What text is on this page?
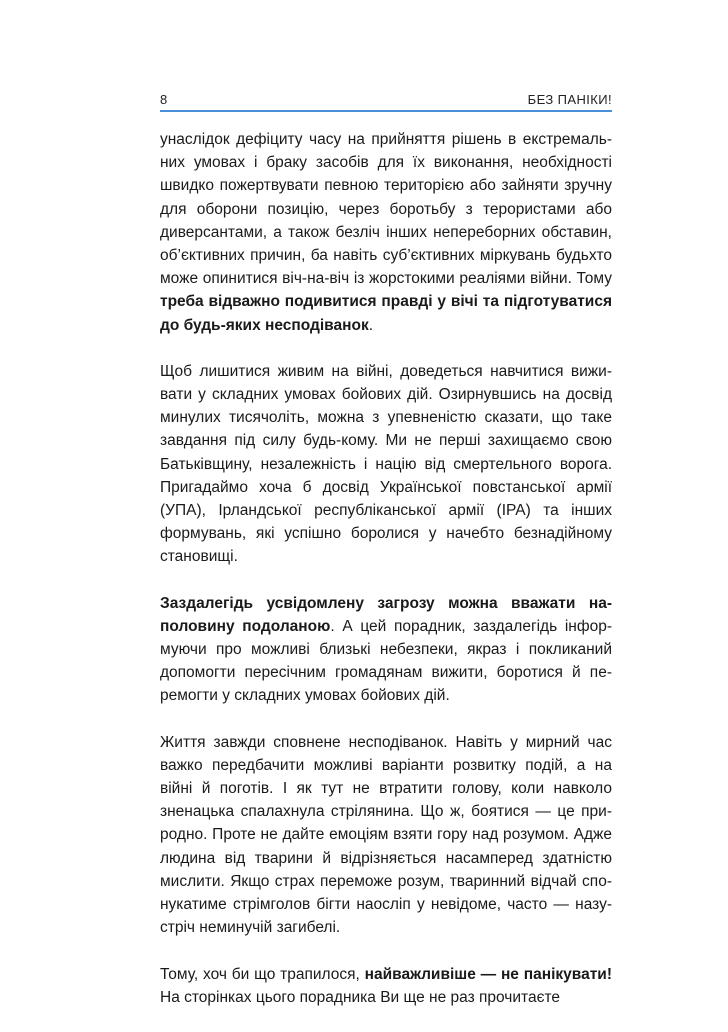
8	БЕЗ ПАНІКИ!

унаслідок дефіциту часу на прийняття рішень в екстремальних умовах і браку засобів для їх виконання, необхідності швидко пожертвувати певною територією або зайняти зручну для оборони позицію, через боротьбу з терористами або диверсантами, а також безліч інших непереборних обставин, об’єктивних причин, ба навіть суб’єктивних міркувань будьхто може опинитися віч-на-віч із жорстокими реаліями війни. Тому треба відважно подивитися правді у вічі та підготуватися до будь-яких несподіванок.

Щоб лишитися живим на війні, доведеться навчитися виживати у складних умовах бойових дій. Озирнувшись на досвід минулих тисячоліть, можна з упевненістю сказати, що таке завдання під силу будь-кому. Ми не перші захищаємо свою Батьківщину, незалежність і націю від смертельного ворога. Пригадаймо хоча б досвід Української повстанської армії (УПА), Ірландської республіканської армії (ІРА) та інших формувань, які успішно боролися у начебто безнадійному становищі.

Заздалегідь усвідомлену загрозу можна вважати наполовину подоланою. А цей порадник, заздалегідь інформуючи про можливі близькі небезпеки, якраз і покликаний допомогти пересічним громадянам вижити, боротися й перемогти у складних умовах бойових дій.

Життя завжди сповнене несподіванок. Навіть у мирний час важко передбачити можливі варіанти розвитку подій, а на війні й поготів. І як тут не втратити голову, коли навколо зненацька спалахнула стрілянина. Що ж, боятися — це природно. Проте не дайте емоціям взяти гору над розумом. Адже людина від тварини й відрізняється насамперед здатністю мислити. Якщо страх переможе розум, тваринний відчай спонукатиме стрімголов бігти наосліп у невідоме, часто — назустріч неминучій загибелі.

Тому, хоч би що трапилося, найважливіше — не панікувати! На сторінках цього порадника Ви ще не раз прочитаєте
